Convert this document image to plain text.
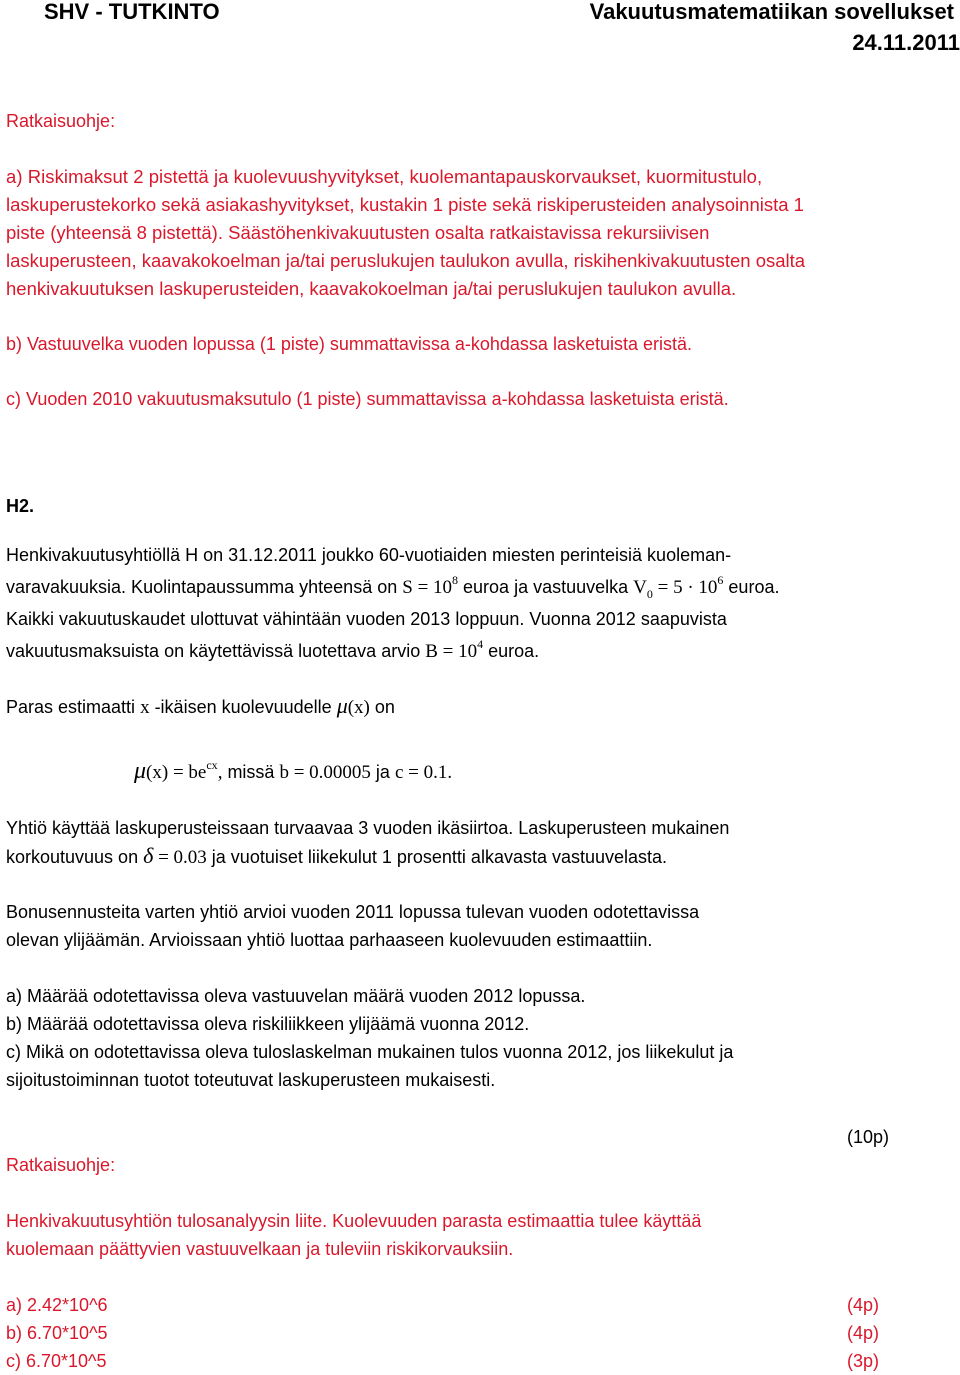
SHV - TUTKINTO	Vakuutusmatematiikan sovellukset
24.11.2011
Ratkaisuohje:
a) Riskimaksut 2 pistettä ja kuolevuushyvitykset, kuolemantapauskorvaukset, kuormitustulo,
laskuperustekorko sekä asiakashyvitykset, kustakin 1 piste sekä riskiperusteiden analysoinnista 1
piste (yhteensä 8 pistettä). Säästöhenkivakuutusten osalta ratkaistavissa rekursiivisen
laskuperusteen, kaavakokoelman ja/tai peruslukujen taulukon avulla, riskihenkivakuutusten osalta
henkivakuutuksen laskuperusteiden, kaavakokoelman ja/tai peruslukujen taulukon avulla.
b) Vastuuvelka vuoden lopussa (1 piste) summattavissa a-kohdassa lasketuista eristä.
c) Vuoden 2010 vakuutusmaksutulo (1 piste) summattavissa a-kohdassa lasketuista eristä.
H2.
Henkivakuutusyhtiöllä H on 31.12.2011 joukko 60-vuotiaiden miesten perinteisiä kuoleman-
varavakuuksia. Kuolintapaussumma yhteensä on $S = 10^8$ euroa ja vastuuvelka $V_0 = 5 \cdot 10^6$ euroa.
Kaikki vakuutuskaudet ulottuvat vähintään vuoden 2013 loppuun. Vuonna 2012 saapuvista
vakuutusmaksuista on käytettävissä luotettava arvio $B = 10^4$ euroa.
Paras estimaatti x -ikäisen kuolevuudelle μ(x) on
$\mu(x) = be^{cx}$, missä b = 0.00005 ja c = 0.1.
Yhtiö käyttää laskuperusteissaan turvaavaa 3 vuoden ikäsiirtoa. Laskuperusteen mukainen
korkoutuvuus on δ = 0.03 ja vuotuiset liikekulut 1 prosentti alkavasta vastuuvelasta.
Bonusennusteita varten yhtiö arvioi vuoden 2011 lopussa tulevan vuoden odotettavissa
olevan ylijäämän. Arvioissaan yhtiö luottaa parhaaseen kuolevuuden estimaattiin.
a) Määrää odotettavissa oleva vastuuvelan määrä vuoden 2012 lopussa.
b) Määrää odotettavissa oleva riskiliikkeen ylijäämä vuonna 2012.
c) Mikä on odotettavissa oleva tuloslaskelman mukainen tulos vuonna 2012, jos liikekulut ja
sijoitustoiminnan tuotot toteutuvat laskuperusteen mukaisesti.
(10p)
Ratkaisuohje:
Henkivakuutusyhtiön tulosanalyysin liite. Kuolevuuden parasta estimaattia tulee käyttää
kuolemaan päättyvien vastuuvelkaan ja tuleviin riskikorvauksiin.
a) 2.42*10^6	(4p)
b) 6.70*10^5	(4p)
c) 6.70*10^5	(3p)
